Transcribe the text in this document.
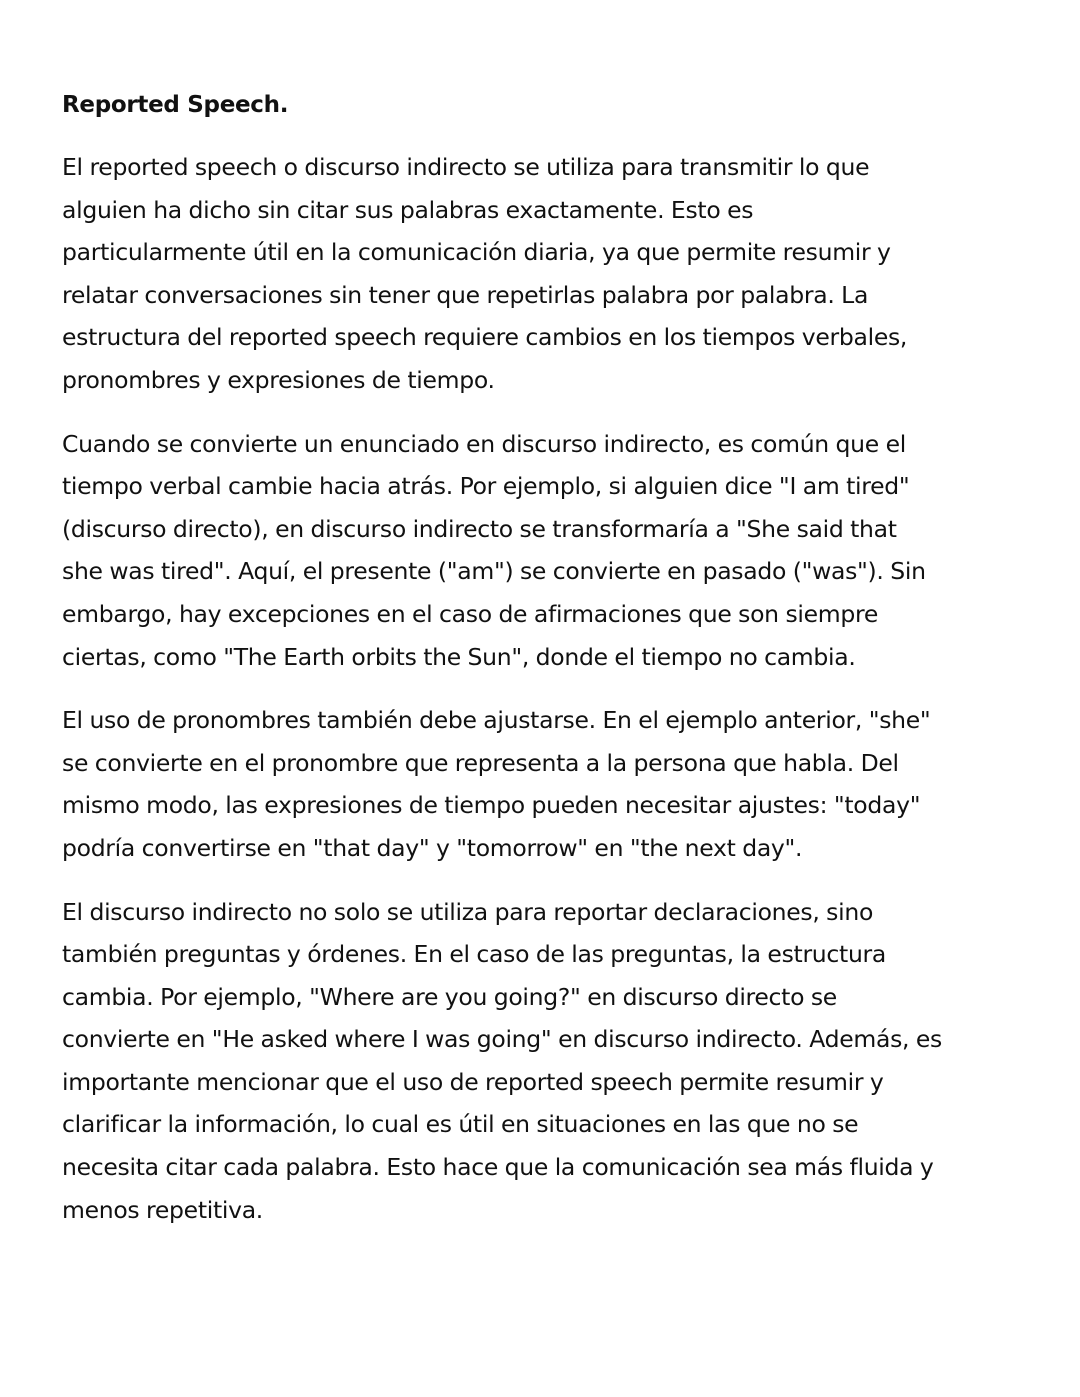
Reported Speech.

El reported speech o discurso indirecto se utiliza para transmitir lo que alguien ha dicho sin citar sus palabras exactamente. Esto es particularmente útil en la comunicación diaria, ya que permite resumir y relatar conversaciones sin tener que repetirlas palabra por palabra. La estructura del reported speech requiere cambios en los tiempos verbales, pronombres y expresiones de tiempo.

Cuando se convierte un enunciado en discurso indirecto, es común que el tiempo verbal cambie hacia atrás. Por ejemplo, si alguien dice "I am tired" (discurso directo), en discurso indirecto se transformaría a "She said that she was tired". Aquí, el presente ("am") se convierte en pasado ("was"). Sin embargo, hay excepciones en el caso de afirmaciones que son siempre ciertas, como "The Earth orbits the Sun", donde el tiempo no cambia.

El uso de pronombres también debe ajustarse. En el ejemplo anterior, "she" se convierte en el pronombre que representa a la persona que habla. Del mismo modo, las expresiones de tiempo pueden necesitar ajustes: "today" podría convertirse en "that day" y "tomorrow" en "the next day".

El discurso indirecto no solo se utiliza para reportar declaraciones, sino también preguntas y órdenes. En el caso de las preguntas, la estructura cambia. Por ejemplo, "Where are you going?" en discurso directo se convierte en "He asked where I was going" en discurso indirecto. Además, es importante mencionar que el uso de reported speech permite resumir y clarificar la información, lo cual es útil en situaciones en las que no se necesita citar cada palabra. Esto hace que la comunicación sea más fluida y menos repetitiva.
